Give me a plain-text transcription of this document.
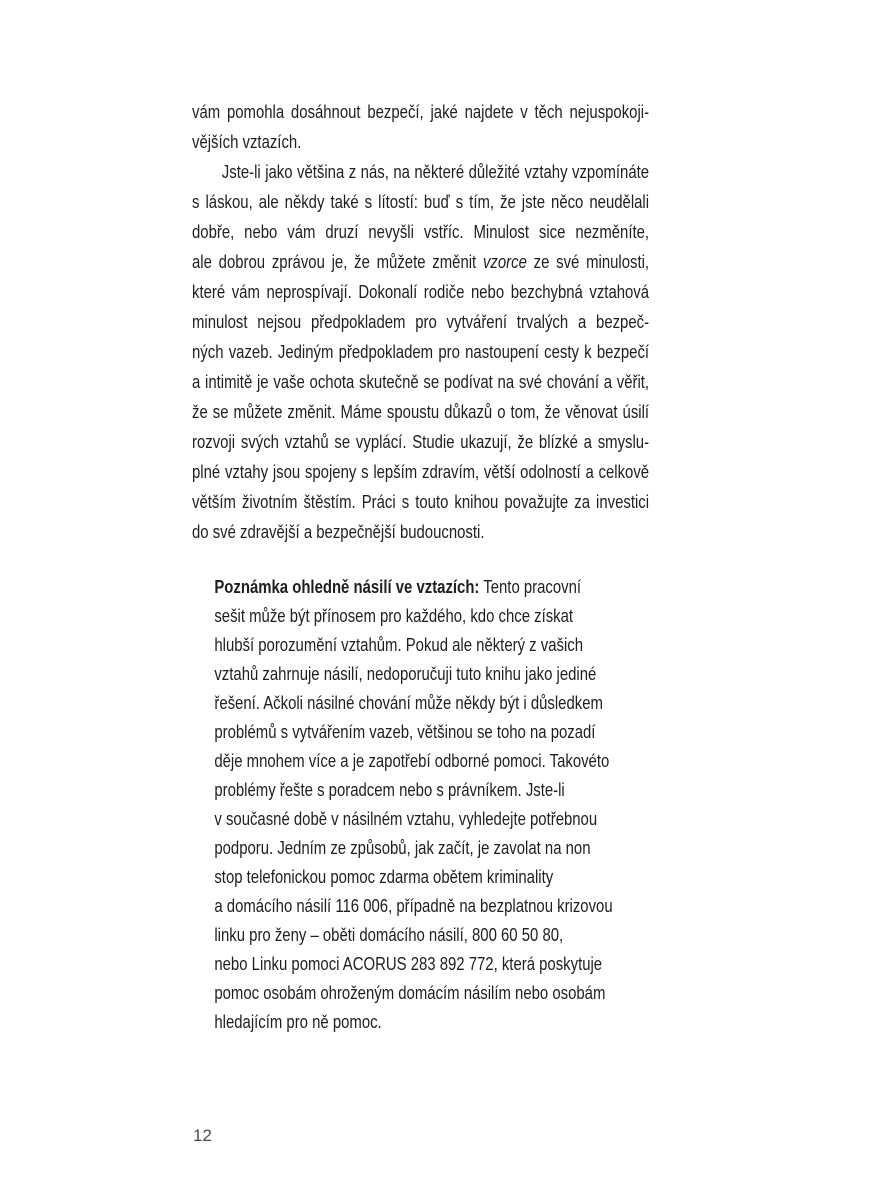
vám pomohla dosáhnout bezpečí, jaké najdete v těch nejuspokoji-
vějších vztazích.
Jste-li jako většina z nás, na některé důležité vztahy vzpomínáte
s láskou, ale někdy také s lítostí: buď s tím, že jste něco neudělali
dobře, nebo vám druzí nevyšli vstříc. Minulost sice nezměníte,
ale dobrou zprávou je, že můžete změnit vzorce ze své minulosti,
které vám neprospívají. Dokonalí rodiče nebo bezchybná vztahová
minulost nejsou předpokladem pro vytváření trvalých a bezpeč-
ných vazeb. Jediným předpokladem pro nastoupení cesty k bezpečí
a intimitě je vaše ochota skutečně se podívat na své chování a věřit,
že se můžete změnit. Máme spoustu důkazů o tom, že věnovat úsilí
rozvoji svých vztahů se vyplácí. Studie ukazují, že blízké a smyslu-
plné vztahy jsou spojeny s lepším zdravím, větší odolností a celkově
větším životním štěstím. Práci s touto knihou považujte za investici
do své zdravější a bezpečnější budoucnosti.
Poznámka ohledně násilí ve vztazích: Tento pracovní
sešit může být přínosem pro každého, kdo chce získat
hlubší porozumění vztahům. Pokud ale některý z vašich
vztahů zahrnuje násilí, nedoporučuji tuto knihu jako jediné
řešení. Ačkoli násilné chování může někdy být i důsledkem
problémů s vytvářením vazeb, většinou se toho na pozadí
děje mnohem více a je zapotřebí odborné pomoci. Takovéto
problémy řešte s poradcem nebo s právníkem. Jste-li
v současné době v násilném vztahu, vyhledejte potřebnou
podporu. Jedním ze způsobů, jak začít, je zavolat na non
stop telefonickou pomoc zdarma obětem kriminality
a domácího násilí 116 006, případně na bezplatnou krizovou
linku pro ženy – oběti domácího násilí, 800 60 50 80,
nebo Linku pomoci ACORUS 283 892 772, která poskytuje
pomoc osobám ohroženým domácím násilím nebo osobám
hledajícím pro ně pomoc.
12
